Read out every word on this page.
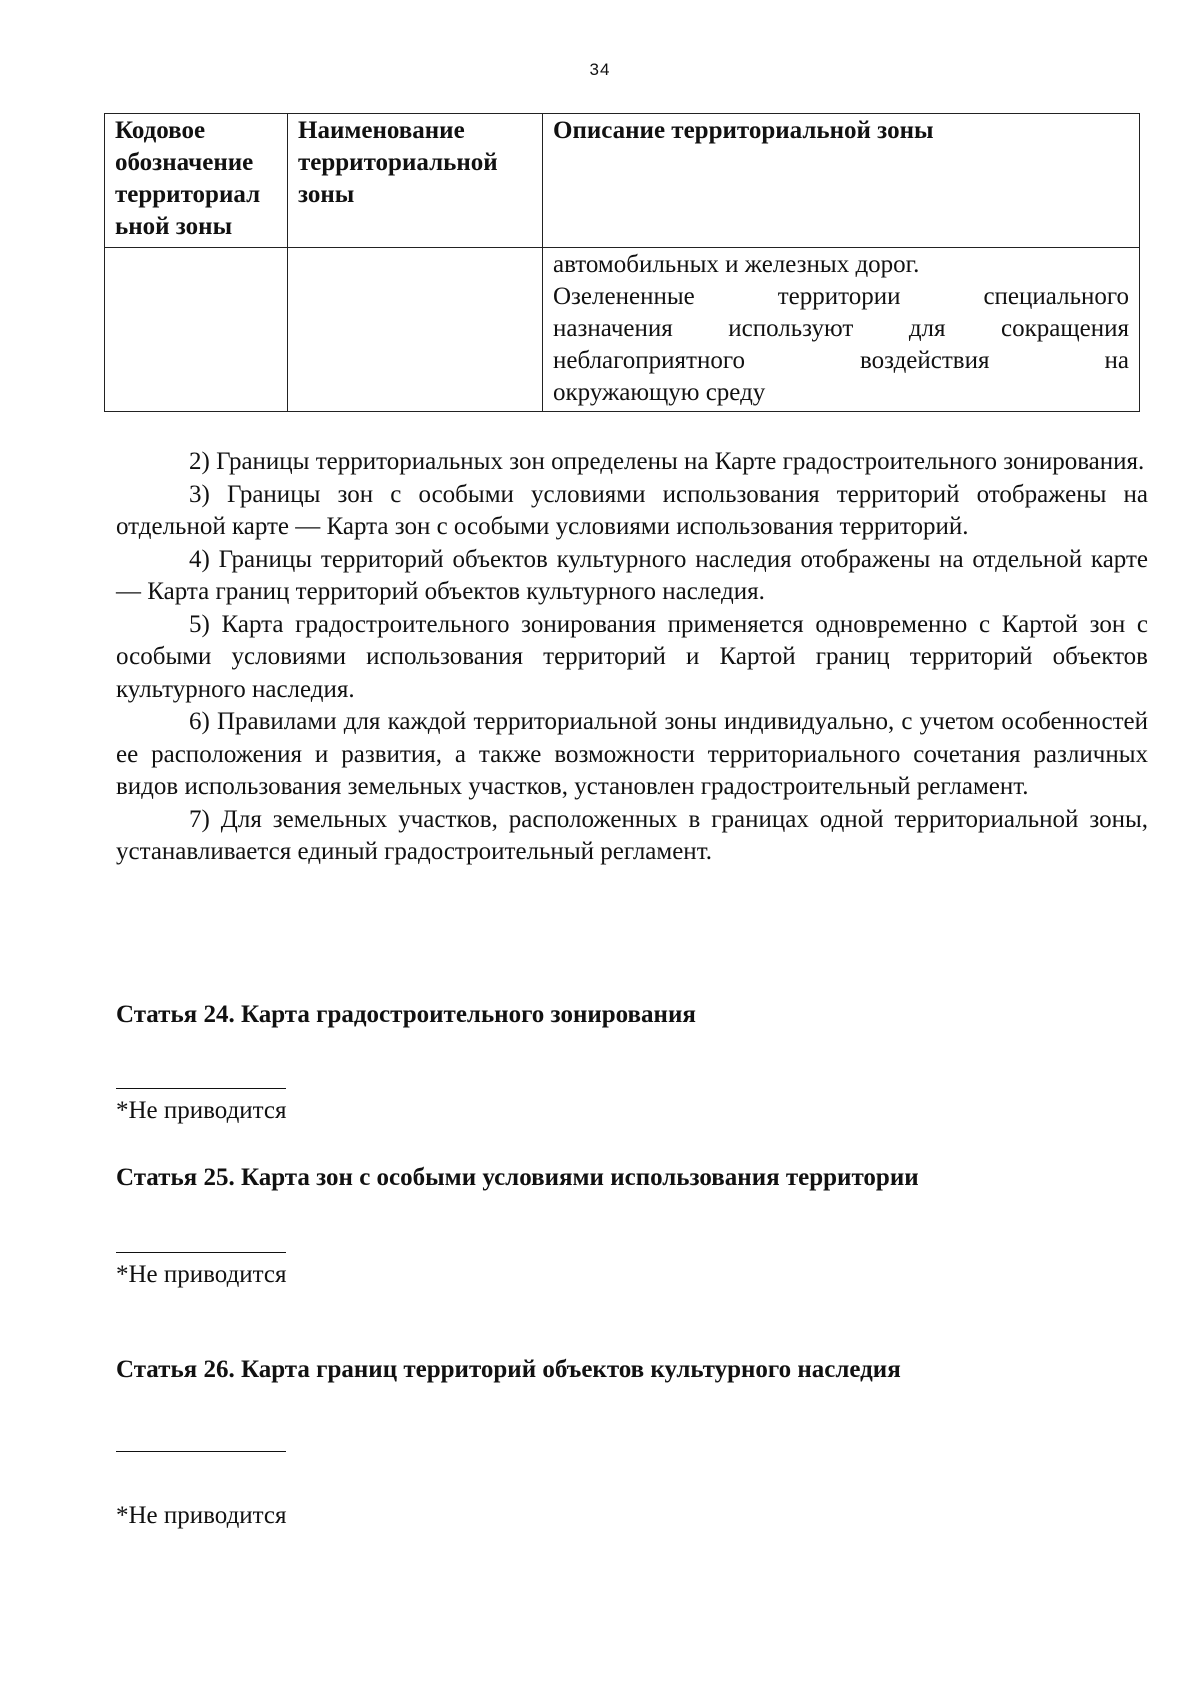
34
Кодовое обозначение территориал ьной зоны	Наименование территориальной зоны	Описание территориальной зоны

		автомобильных и железных дорог.
Озелененные территории специального
назначения используют для сокращения
неблагоприятного воздействия на
окружающую среду

2) Границы территориальных зон определены на Карте градостроительного зонирования.

3) Границы зон с особыми условиями использования территорий отображены на отдельной карте — Карта зон с особыми условиями использования территорий.

4) Границы территорий объектов культурного наследия отображены на отдельной карте — Карта границ территорий объектов культурного наследия.

5) Карта градостроительного зонирования применяется одновременно с Картой зон с особыми условиями использования территорий и Картой границ территорий объектов культурного наследия.

6) Правилами для каждой территориальной зоны индивидуально, с учетом особенностей ее расположения и развития, а также возможности территориального сочетания различных видов использования земельных участков, установлен градостроительный регламент.

7) Для земельных участков, расположенных в границах одной территориальной зоны, устанавливается единый градостроительный регламент.

Статья 24. Карта градостроительного зонирования

*Не приводится

Статья 25. Карта зон с особыми условиями использования территории

*Не приводится

Статья 26. Карта границ территорий объектов культурного наследия

*Не приводится
